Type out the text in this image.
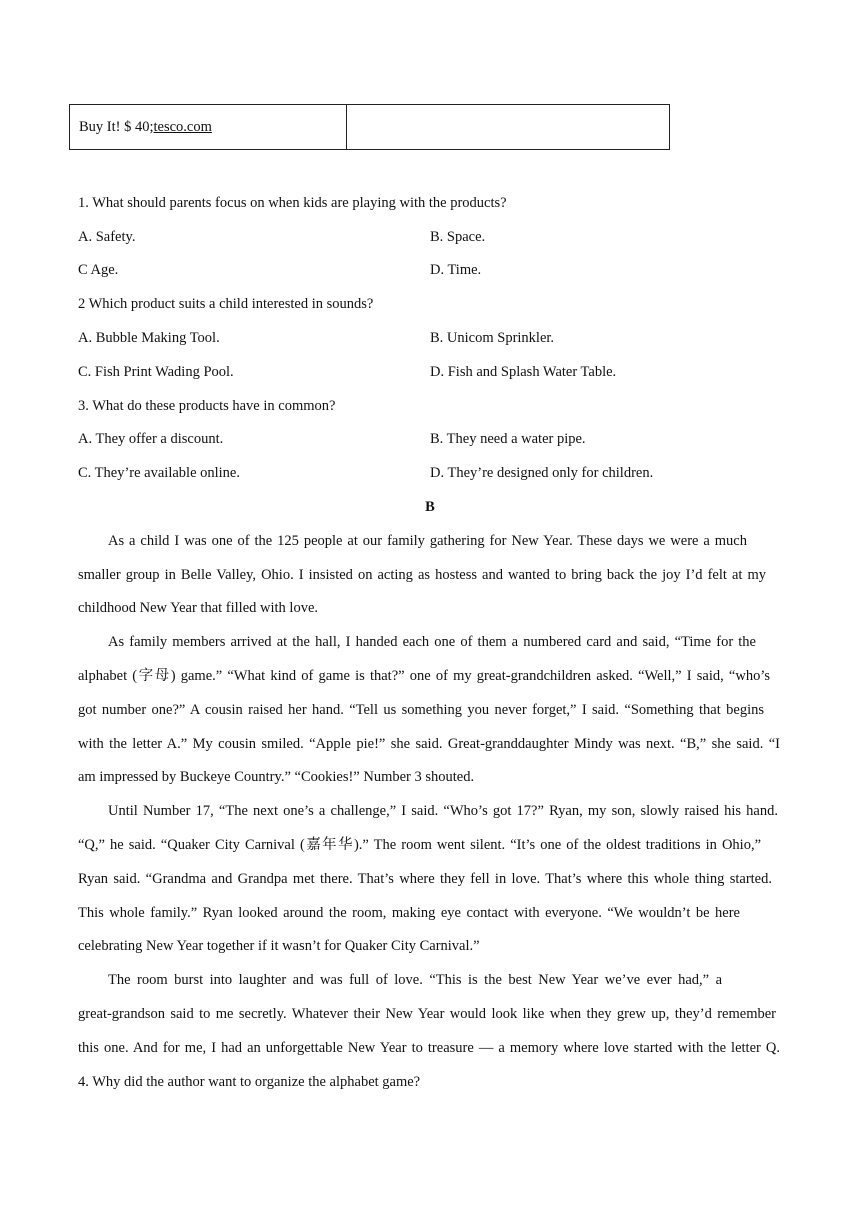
Buy It! $ 40; tesco.com
1. What should parents focus on when kids are playing with the products?
A. Safety.	B. Space.
C Age.	D. Time.
2 Which product suits a child interested in sounds?
A. Bubble Making Tool.	B. Unicom Sprinkler.
C. Fish Print Wading Pool.	D. Fish and Splash Water Table.
3. What do these products have in common?
A. They offer a discount.	B. They need a water pipe.
C. They’re available online.	D. They’re designed only for children.
B
As a child I was one of the 125 people at our family gathering for New Year. These days we were a much
smaller group in Belle Valley, Ohio. I insisted on acting as hostess and wanted to bring back the joy I’d felt at my
childhood New Year that filled with love.
As family members arrived at the hall, I handed each one of them a numbered card and said, “Time for the
alphabet (字母) game.” “What kind of game is that?” one of my great-grandchildren asked. “Well,” I said, “who’s
got number one?” A cousin raised her hand. “Tell us something you never forget,” I said. “Something that begins
with the letter A.” My cousin smiled. “Apple pie!” she said. Great-granddaughter Mindy was next. “B,” she said. “I
am impressed by Buckeye Country.” “Cookies!” Number 3 shouted.
Until Number 17, “The next one’s a challenge,” I said. “Who’s got 17?” Ryan, my son, slowly raised his hand.
“Q,” he said. “Quaker City Carnival (嘉年华).” The room went silent. “It’s one of the oldest traditions in Ohio,”
Ryan said. “Grandma and Grandpa met there. That’s where they fell in love. That’s where this whole thing started.
This whole family.” Ryan looked around the room, making eye contact with everyone. “We wouldn’t be here
celebrating New Year together if it wasn’t for Quaker City Carnival.”
The room burst into laughter and was full of love. “This is the best New Year we’ve ever had,” a
great-grandson said to me secretly. Whatever their New Year would look like when they grew up, they’d remember
this one. And for me, I had an unforgettable New Year to treasure — a memory where love started with the letter Q.
4. Why did the author want to organize the alphabet game?
